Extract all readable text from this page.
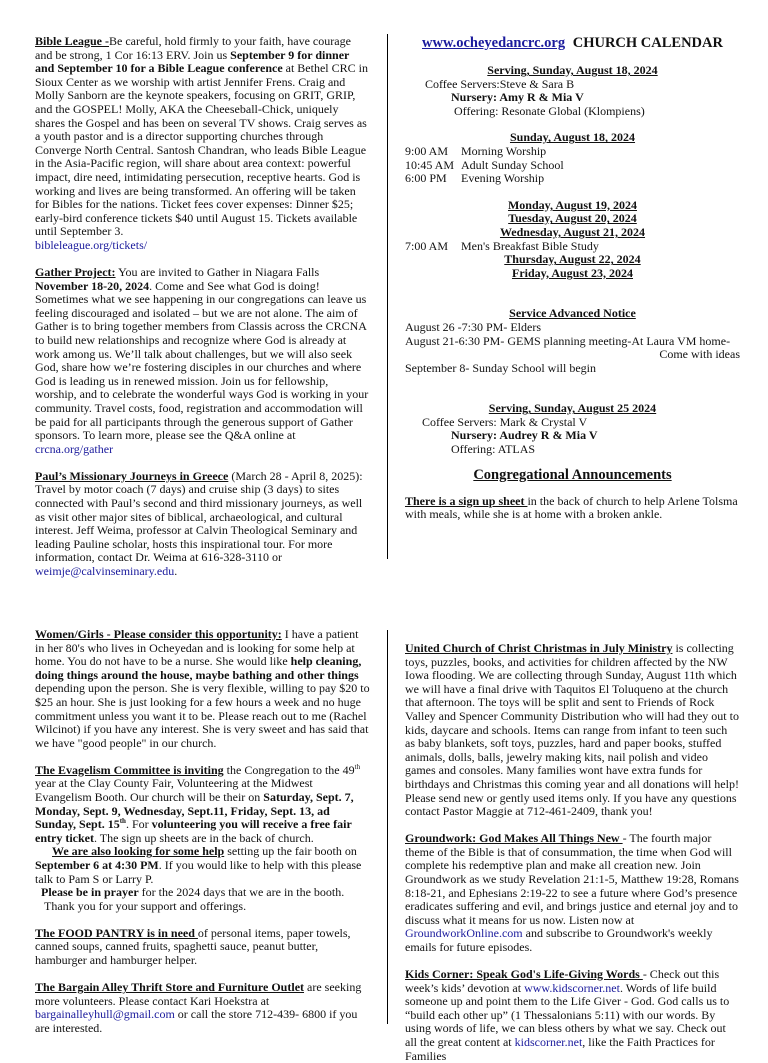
Bible League -Be careful, hold firmly to your faith, have courage and be strong, 1 Cor 16:13 ERV. Join us September 9 for dinner and September 10 for a Bible League conference at Bethel CRC in Sioux Center as we worship with artist Jennifer Frens. Craig and Molly Sanborn are the keynote speakers, focusing on GRIT, GRIP, and the GOSPEL! Molly, AKA the Cheeseball-Chick, uniquely shares the Gospel and has been on several TV shows. Craig serves as a youth pastor and is a director supporting churches through Converge North Central. Santosh Chandran, who leads Bible League in the Asia-Pacific region, will share about area context: powerful impact, dire need, intimidating persecution, receptive hearts. God is working and lives are being transformed. An offering will be taken for Bibles for the nations. Ticket fees cover expenses: Dinner $25; early-bird conference tickets $40 until August 15. Tickets available until September 3.
bibleleague.org/tickets/

Gather Project: You are invited to Gather in Niagara Falls November 18-20, 2024. Come and See what God is doing! Sometimes what we see happening in our congregations can leave us feeling discouraged and isolated – but we are not alone. The aim of Gather is to bring together members from Classis across the CRCNA to build new relationships and recognize where God is already at work among us. We’ll talk about challenges, but we will also seek God, share how we’re fostering disciples in our churches and where God is leading us in renewed mission. Join us for fellowship, worship, and to celebrate the wonderful ways God is working in your community. Travel costs, food, registration and accommodation will be paid for all participants through the generous support of Gather sponsors. To learn more, please see the Q&A online at crcna.org/gather

Paul’s Missionary Journeys in Greece (March 28 - April 8, 2025): Travel by motor coach (7 days) and cruise ship (3 days) to sites connected with Paul’s second and third missionary journeys, as well as visit other major sites of biblical, archaeological, and cultural interest. Jeff Weima, professor at Calvin Theological Seminary and leading Pauline scholar, hosts this inspirational tour. For more information, contact Dr. Weima at 616-328-3110 or
weimje@calvinseminary.edu.

www.ocheyedancrc.org CHURCH CALENDAR

Serving, Sunday, August 18, 2024

Coffee Servers:Steve & Sara B

Nursery: Amy R & Mia V

Offering: Resonate Global (Klompiens)

Sunday, August 18, 2024

9:00 AM Morning Worship

10:45 AM Adult Sunday School

6:00 PM Evening Worship

Monday, August 19, 2024

Tuesday, August 20, 2024

Wednesday, August 21, 2024

7:00 AM Men's Breakfast Bible Study

Thursday, August 22, 2024

Friday, August 23, 2024

Service Advanced Notice

August 26 -7:30 PM- Elders

August 21-6:30 PM- GEMS planning meeting-At Laura VM home-

Come with ideas

September 8- Sunday School will begin

Serving, Sunday, August 25 2024

Coffee Servers: Mark & Crystal V

Nursery: Audrey R & Mia V

Offering: ATLAS

Congregational Announcements

There is a sign up sheet in the back of church to help Arlene Tolsma with meals, while she is at home with a broken ankle.

Women/Girls - Please consider this opportunity: I have a patient in her 80's who lives in Ocheyedan and is looking for some help at home. You do not have to be a nurse. She would like help cleaning, doing things around the house, maybe bathing and other things depending upon the person. She is very flexible, willing to pay $20 to $25 an hour. She is just looking for a few hours a week and no huge commitment unless you want it to be. Please reach out to me (Rachel Wilcinot) if you have any interest. She is very sweet and has said that we have "good people" in our church.

The Evagelism Committee is inviting the Congregation to the 49th year at the Clay County Fair, Volunteering at the Midwest Evangelism Booth. Our church will be their on Saturday, Sept. 7, Monday, Sept. 9, Wednesday, Sept.11, Friday, Sept. 13, ad Sunday, Sept. 15th. For volunteering you will receive a free fair entry ticket. The sign up sheets are in the back of church.

We are also looking for some help setting up the fair booth on September 6 at 4:30 PM. If you would like to help with this please talk to Pam S or Larry P.

Please be in prayer for the 2024 days that we are in the booth.

Thank you for your support and offerings.

The FOOD PANTRY is in need of personal items, paper towels, canned soups, canned fruits, spaghetti sauce, peanut butter, hamburger and hamburger helper.

The Bargain Alley Thrift Store and Furniture Outlet are seeking more volunteers. Please contact Kari Hoekstra at bargainalleyhull@gmail.com or call the store 712-439- 6800 if you are interested.

United Church of Christ Christmas in July Ministry is collecting toys, puzzles, books, and activities for children affected by the NW Iowa flooding. We are collecting through Sunday, August 11th which we will have a final drive with Taquitos El Toluqueno at the church that afternoon. The toys will be split and sent to Friends of Rock Valley and Spencer Community Distribution who will had they out to kids, daycare and schools. Items can range from infant to teen such as baby blankets, soft toys, puzzles, hard and paper books, stuffed animals, dolls, balls, jewelry making kits, nail polish and video games and consoles. Many families wont have extra funds for birthdays and Christmas this coming year and all donations will help! Please send new or gently used items only. If you have any questions contact Pastor Maggie at 712-461-2409, thank you!

Groundwork: God Makes All Things New - The fourth major theme of the Bible is that of consummation, the time when God will complete his redemptive plan and make all creation new. Join Groundwork as we study Revelation 21:1-5, Matthew 19:28, Romans 8:18-21, and Ephesians 2:19-22 to see a future where God’s presence eradicates suffering and evil, and brings justice and eternal joy and to discuss what it means for us now. Listen now at GroundworkOnline.com and subscribe to Groundwork's weekly emails for future episodes.

Kids Corner: Speak God's Life-Giving Words - Check out this week’s kids’ devotion at www.kidscorner.net. Words of life build someone up and point them to the Life Giver - God. God calls us to “build each other up” (1 Thessalonians 5:11) with our words. By using words of life, we can bless others by what we say. Check out all the great content at kidscorner.net, like the Faith Practices for Families
